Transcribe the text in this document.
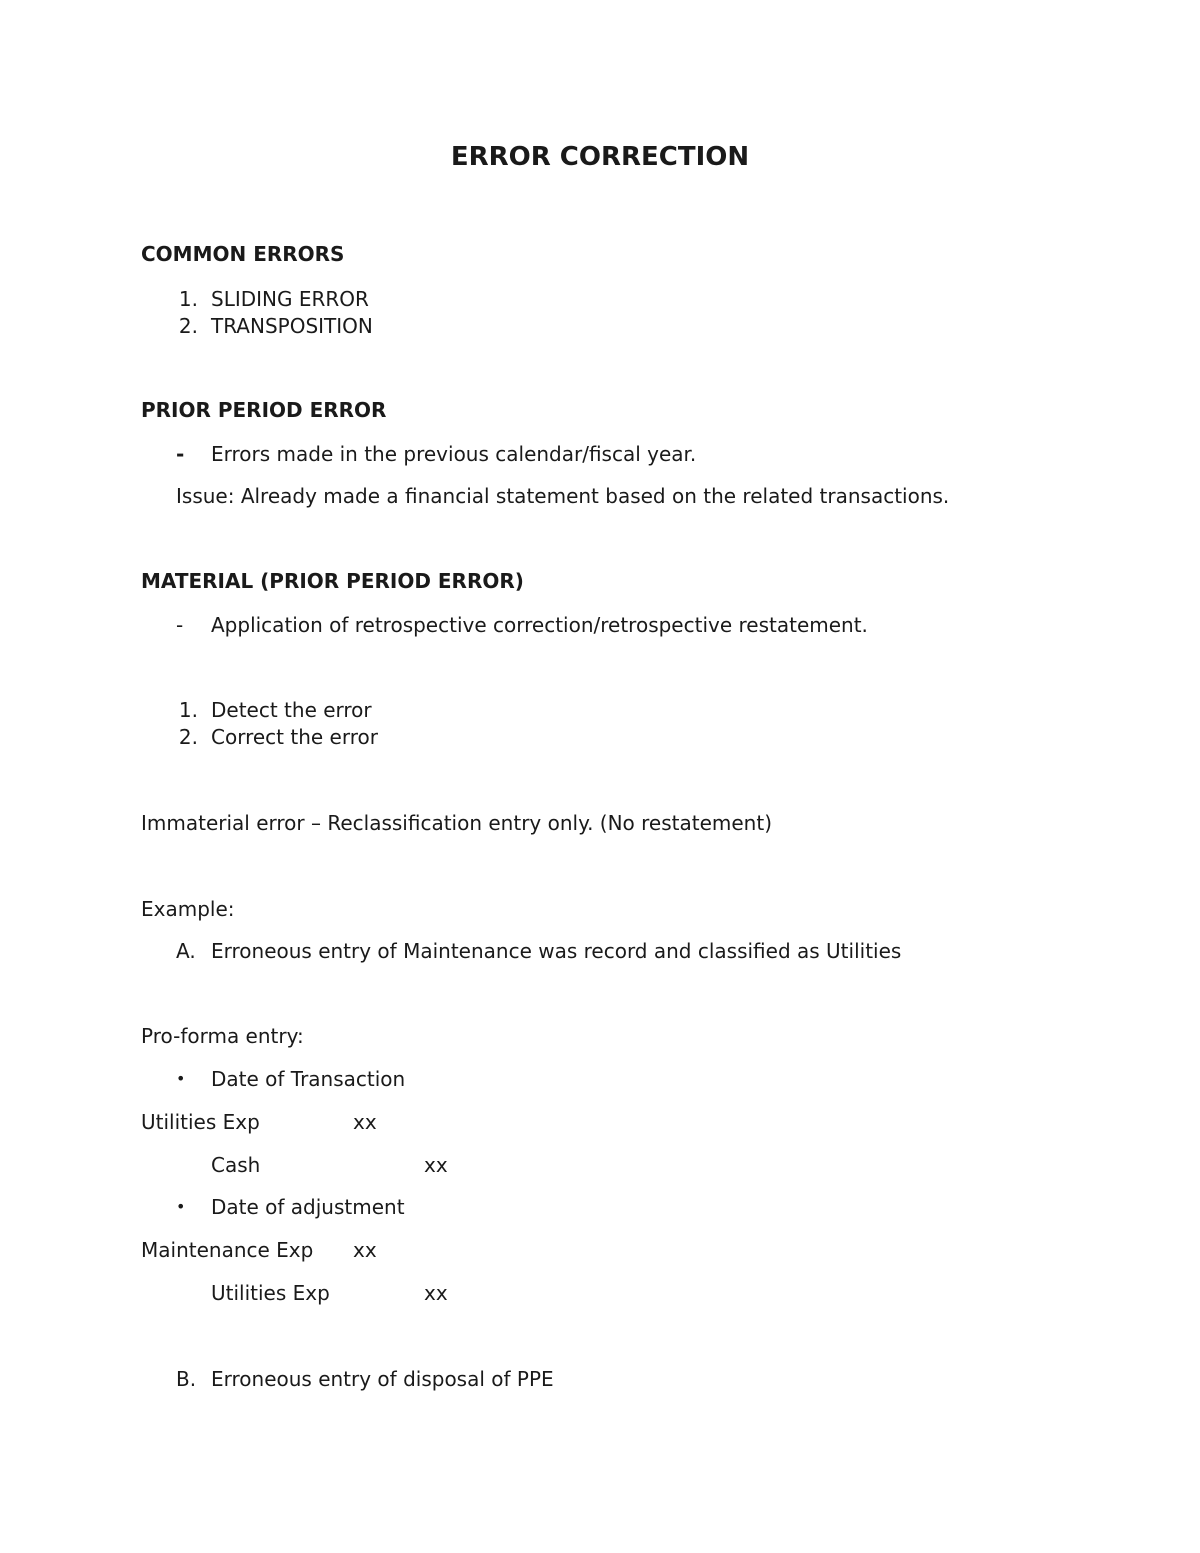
ERROR CORRECTION
COMMON ERRORS
1. SLIDING ERROR
2. TRANSPOSITION
PRIOR PERIOD ERROR
- Errors made in the previous calendar/fiscal year.
Issue: Already made a financial statement based on the related transactions.
MATERIAL (PRIOR PERIOD ERROR)
- Application of retrospective correction/retrospective restatement.
1. Detect the error
2. Correct the error
Immaterial error – Reclassification entry only. (No restatement)
Example:
A. Erroneous entry of Maintenance was record and classified as Utilities
Pro-forma entry:
• Date of Transaction
Utilities Exp	xx
Cash	xx
• Date of adjustment
Maintenance Exp xx
Utilities Exp	xx
B. Erroneous entry of disposal of PPE
